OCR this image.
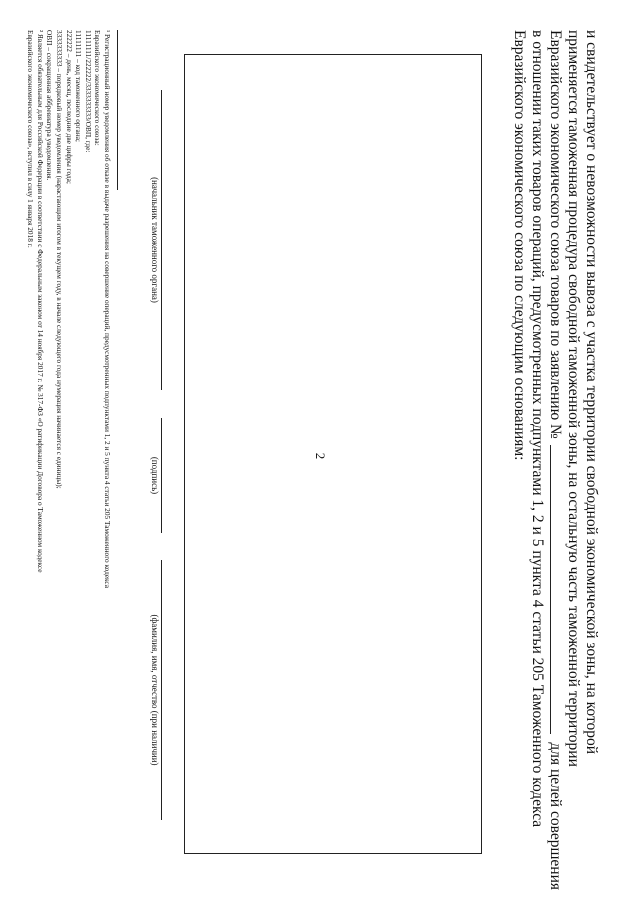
2	и свидетельствует о невозможности вывоза с участка территории свободной экономической зоны, на которой

применяется таможенная процедура свободной таможенной зоны, на остальную часть таможенной территории

Евразийского экономического союза товаров по заявлению №
для целей совершения

в отношении таких товаров операций, предусмотренных подпунктами 1, 2 и 5 пункта 4 статьи 205 Таможенного кодекса

Евразийского экономического союза по следующим основаниям:

(начальник таможенного органа)
(подпись)
(фамилия, имя, отчество (при наличии)
¹ Регистрационный номер уведомления об отказе в выдаче разрешения на совершение операций, предусмотренных подпунктами 1, 2 и 5 пункта 4 статьи 205 Таможенного кодекса
Евразийского экономического союза:
11111111/222222/3333333333/ОВП, где:
11111111 – код таможенного органа;
222222 – день, месяц, последние две цифры года;
3333333333 – порядковый номер уведомления (нарастающим итогом в текущем году, в начале следующего года нумерация начинается с единицы);
ОВП – сокращенная аббревиатура уведомления.
² Является обязательным для Российской Федерации в соответствии с Федеральным законом от 14 ноября 2017 г. № 317-ФЗ «О ратификации Договора о Таможенном кодексе
Евразийского экономического союза», вступил в силу 1 января 2018 г.
